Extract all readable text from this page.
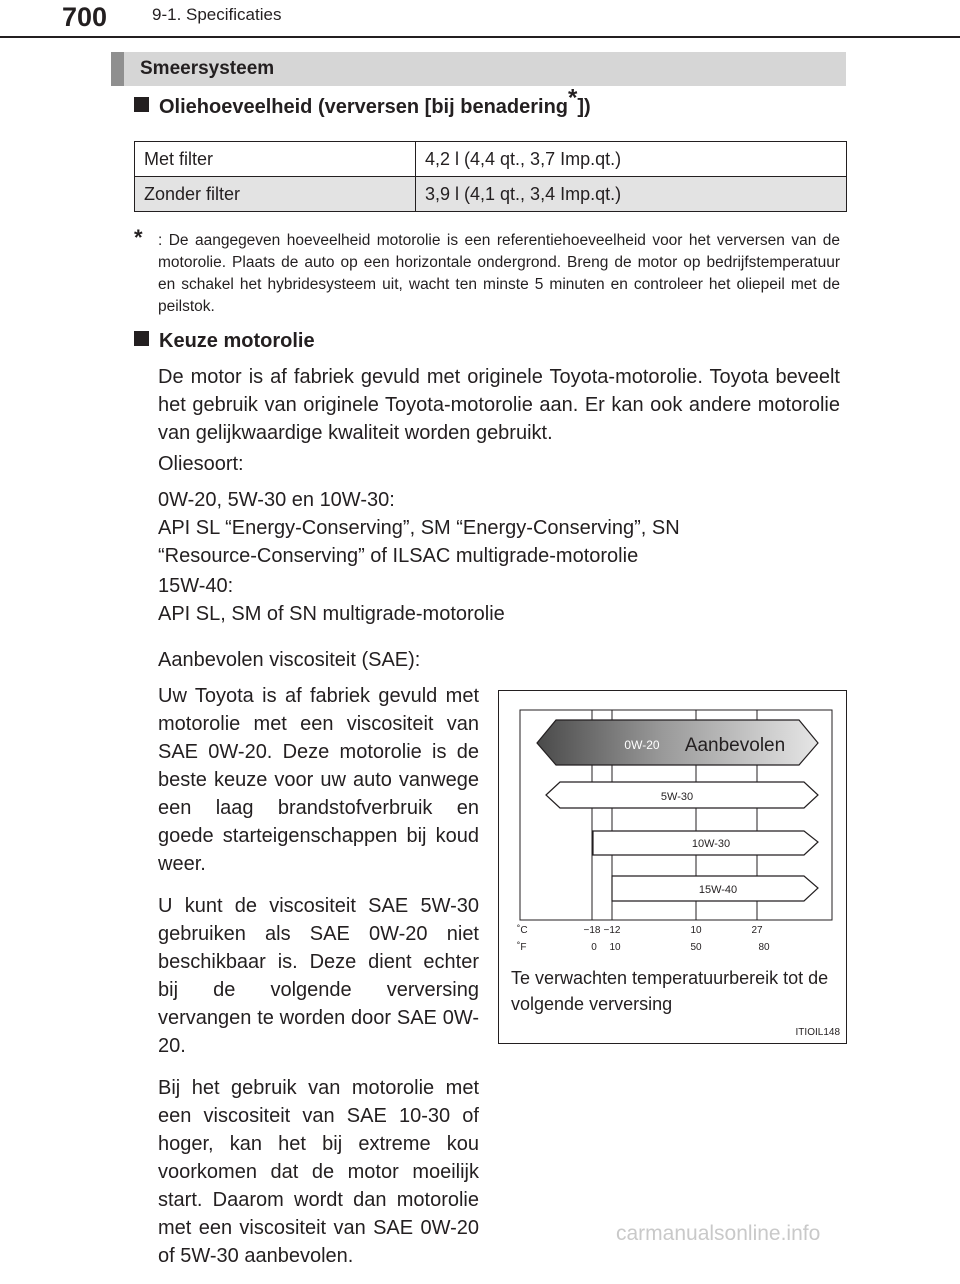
700	9-1. Specificaties
Smeersysteem
Oliehoeveelheid (verversen [bij benadering*])
Met filter	4,2 l (4,4 qt., 3,7 Imp.qt.)
Zonder filter	3,9 l (4,1 qt., 3,4 Imp.qt.)
* : De aangegeven hoeveelheid motorolie is een referentiehoeveelheid voor het verversen van de motorolie. Plaats de auto op een horizontale ondergrond. Breng de motor op bedrijfstemperatuur en schakel het hybridesysteem uit, wacht ten minste 5 minuten en controleer het oliepeil met de peilstok.
Keuze motorolie
De motor is af fabriek gevuld met originele Toyota-motorolie. Toyota beveelt het gebruik van originele Toyota-motorolie aan. Er kan ook andere motorolie van gelijkwaardige kwaliteit worden gebruikt.
Oliesoort:
0W-20, 5W-30 en 10W-30:
API SL “Energy-Conserving”, SM “Energy-Conserving”, SN
“Resource-Conserving” of ILSAC multigrade-motorolie
15W-40:
API SL, SM of SN multigrade-motorolie
Aanbevolen viscositeit (SAE):

Uw Toyota is af fabriek gevuld met motorolie met een viscositeit van SAE 0W-20. Deze motorolie is de beste keuze voor uw auto vanwege een laag brandstofverbruik en goede starteigenschappen bij koud weer.

U kunt de viscositeit SAE 5W-30 gebruiken als SAE 0W-20 niet beschikbaar is. Deze dient echter bij de volgende verversing vervangen te worden door SAE 0W-20.

Bij het gebruik van motorolie met een viscositeit van SAE 10-30 of hoger, kan het bij extreme kou voorkomen dat de motor moeilijk start. Daarom wordt dan motorolie met een viscositeit van SAE 0W-20 of 5W-30 aanbevolen.

0W-20 Aanbevolen
5W-30
10W-30
15W-40
˚C	−18 −12	10	27
˚F	0 10	50	80
Te verwachten temperatuurbereik tot de volgende verversing
ITIOIL148
carmanualsonline.info
